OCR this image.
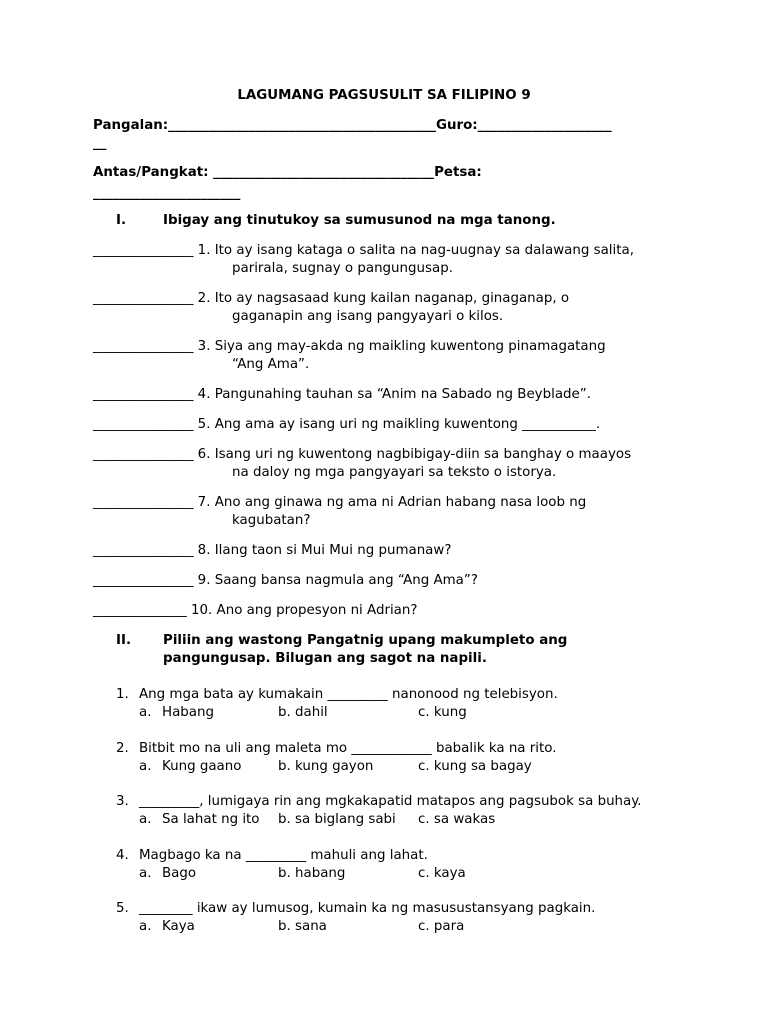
LAGUMANG PAGSUSULIT SA FILIPINO 9
Pangalan:________________________________________Guro:____________________
__
Antas/Pangkat: _________________________________Petsa:
______________________
I.	Ibigay ang tinutukoy sa sumusunod na mga tanong.
_______________ 1. Ito ay isang kataga o salita na nag-uugnay sa dalawang salita,
parirala, sugnay o pangungusap.
_______________ 2. Ito ay nagsasaad kung kailan naganap, ginaganap, o
gaganapin ang isang pangyayari o kilos.
_______________ 3. Siya ang may-akda ng maikling kuwentong pinamagatang
“Ang Ama”.
_______________ 4. Pangunahing tauhan sa “Anim na Sabado ng Beyblade”.
_______________ 5. Ang ama ay isang uri ng maikling kuwentong ___________.
_______________ 6. Isang uri ng kuwentong nagbibigay-diin sa banghay o maayos
na daloy ng mga pangyayari sa teksto o istorya.
_______________ 7. Ano ang ginawa ng ama ni Adrian habang nasa loob ng
kagubatan?
_______________ 8. Ilang taon si Mui Mui ng pumanaw?
_______________ 9. Saang bansa nagmula ang “Ang Ama”?
______________ 10. Ano ang propesyon ni Adrian?
II. Piliin ang wastong Pangatnig upang makumpleto ang
pangungusap. Bilugan ang sagot na napili.
1. Ang mga bata ay kumakain _________ nanonood ng telebisyon.
a. Habang	b. dahil	c. kung
2. Bitbit mo na uli ang maleta mo ____________ babalik ka na rito.
a. Kung gaano	b. kung gayon	c. kung sa bagay
3. _________, lumigaya rin ang mgkakapatid matapos ang pagsubok sa buhay.
a. Sa lahat ng ito b. sa biglang sabi c. sa wakas
4. Magbago ka na _________ mahuli ang lahat.
a. Bago	b. habang	c. kaya
5. ________ ikaw ay lumusog, kumain ka ng masusustansyang pagkain.
a. Kaya	b. sana	c. para
